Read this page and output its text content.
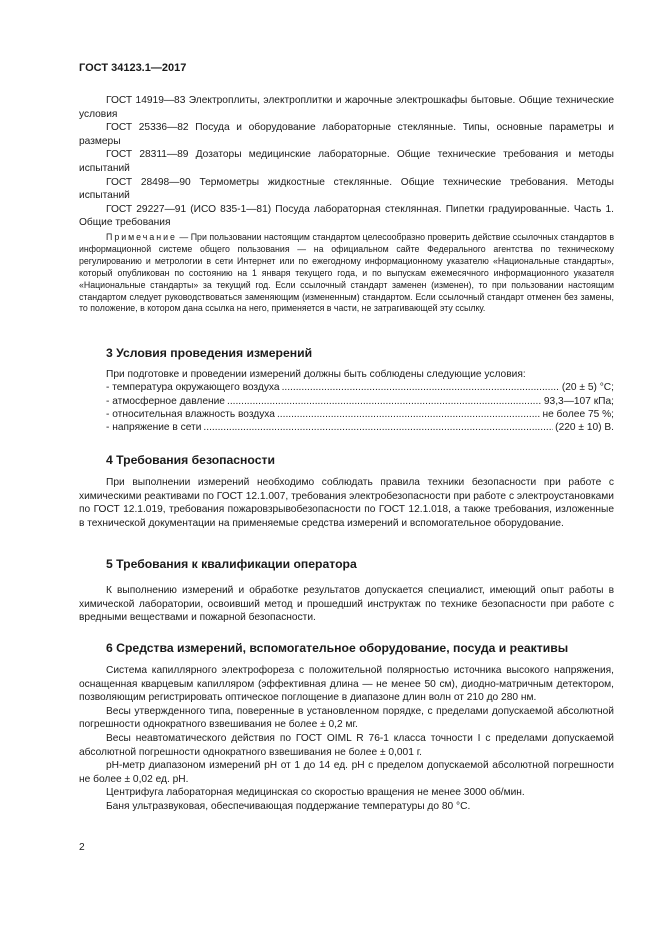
ГОСТ 34123.1—2017
ГОСТ 14919—83 Электроплиты, электроплитки и жарочные электрошкафы бытовые. Общие технические условия
ГОСТ 25336—82 Посуда и оборудование лабораторные стеклянные. Типы, основные параметры и размеры
ГОСТ 28311—89 Дозаторы медицинские лабораторные. Общие технические требования и методы испытаний
ГОСТ 28498—90 Термометры жидкостные стеклянные. Общие технические требования. Методы испытаний
ГОСТ 29227—91 (ИСО 835-1—81) Посуда лабораторная стеклянная. Пипетки градуированные. Часть 1. Общие требования
Примечание — При пользовании настоящим стандартом целесообразно проверить действие ссылочных стандартов в информационной системе общего пользования — на официальном сайте Федерального агентства по техническому регулированию и метрологии в сети Интернет или по ежегодному информационному указателю «Национальные стандарты», который опубликован по состоянию на 1 января текущего года, и по выпускам ежемесячного информационного указателя «Национальные стандарты» за текущий год. Если ссылочный стандарт заменен (изменен), то при пользовании настоящим стандартом следует руководствоваться заменяющим (измененным) стандартом. Если ссылочный стандарт отменен без замены, то положение, в котором дана ссылка на него, применяется в части, не затрагивающей эту ссылку.
3 Условия проведения измерений
При подготовке и проведении измерений должны быть соблюдены следующие условия:
- температура окружающего воздуха .....	(20 ± 5) °С;
- атмосферное давление .....	93,3—107 кПа;
- относительная влажность воздуха .....	не более 75 %;
- напряжение в сети .....	(220 ± 10) В.
4 Требования безопасности
При выполнении измерений необходимо соблюдать правила техники безопасности при работе с химическими реактивами по ГОСТ 12.1.007, требования электробезопасности при работе с электроустановками по ГОСТ 12.1.019, требования пожаровзрывобезопасности по ГОСТ 12.1.018, а также требования, изложенные в технической документации на применяемые средства измерений и вспомогательное оборудование.
5 Требования к квалификации оператора
К выполнению измерений и обработке результатов допускается специалист, имеющий опыт работы в химической лаборатории, освоивший метод и прошедший инструктаж по технике безопасности при работе с вредными веществами и пожарной безопасности.
6 Средства измерений, вспомогательное оборудование, посуда и реактивы
Система капиллярного электрофореза с положительной полярностью источника высокого напряжения, оснащенная кварцевым капилляром (эффективная длина — не менее 50 см), диодно-матричным детектором, позволяющим регистрировать оптическое поглощение в диапазоне длин волн от 210 до 280 нм.
Весы утвержденного типа, поверенные в установленном порядке, с пределами допускаемой абсолютной погрешности однократного взвешивания не более ± 0,2 мг.
Весы неавтоматического действия по ГОСТ OIML R 76-1 класса точности I с пределами допускаемой абсолютной погрешности однократного взвешивания не более ± 0,001 г.
pH-метр диапазоном измерений pH от 1 до 14 ед. pH с пределом допускаемой абсолютной погрешности не более ± 0,02 ед. pH.
Центрифуга лабораторная медицинская со скоростью вращения не менее 3000 об/мин.
Баня ультразвуковая, обеспечивающая поддержание температуры до 80 °С.
2
